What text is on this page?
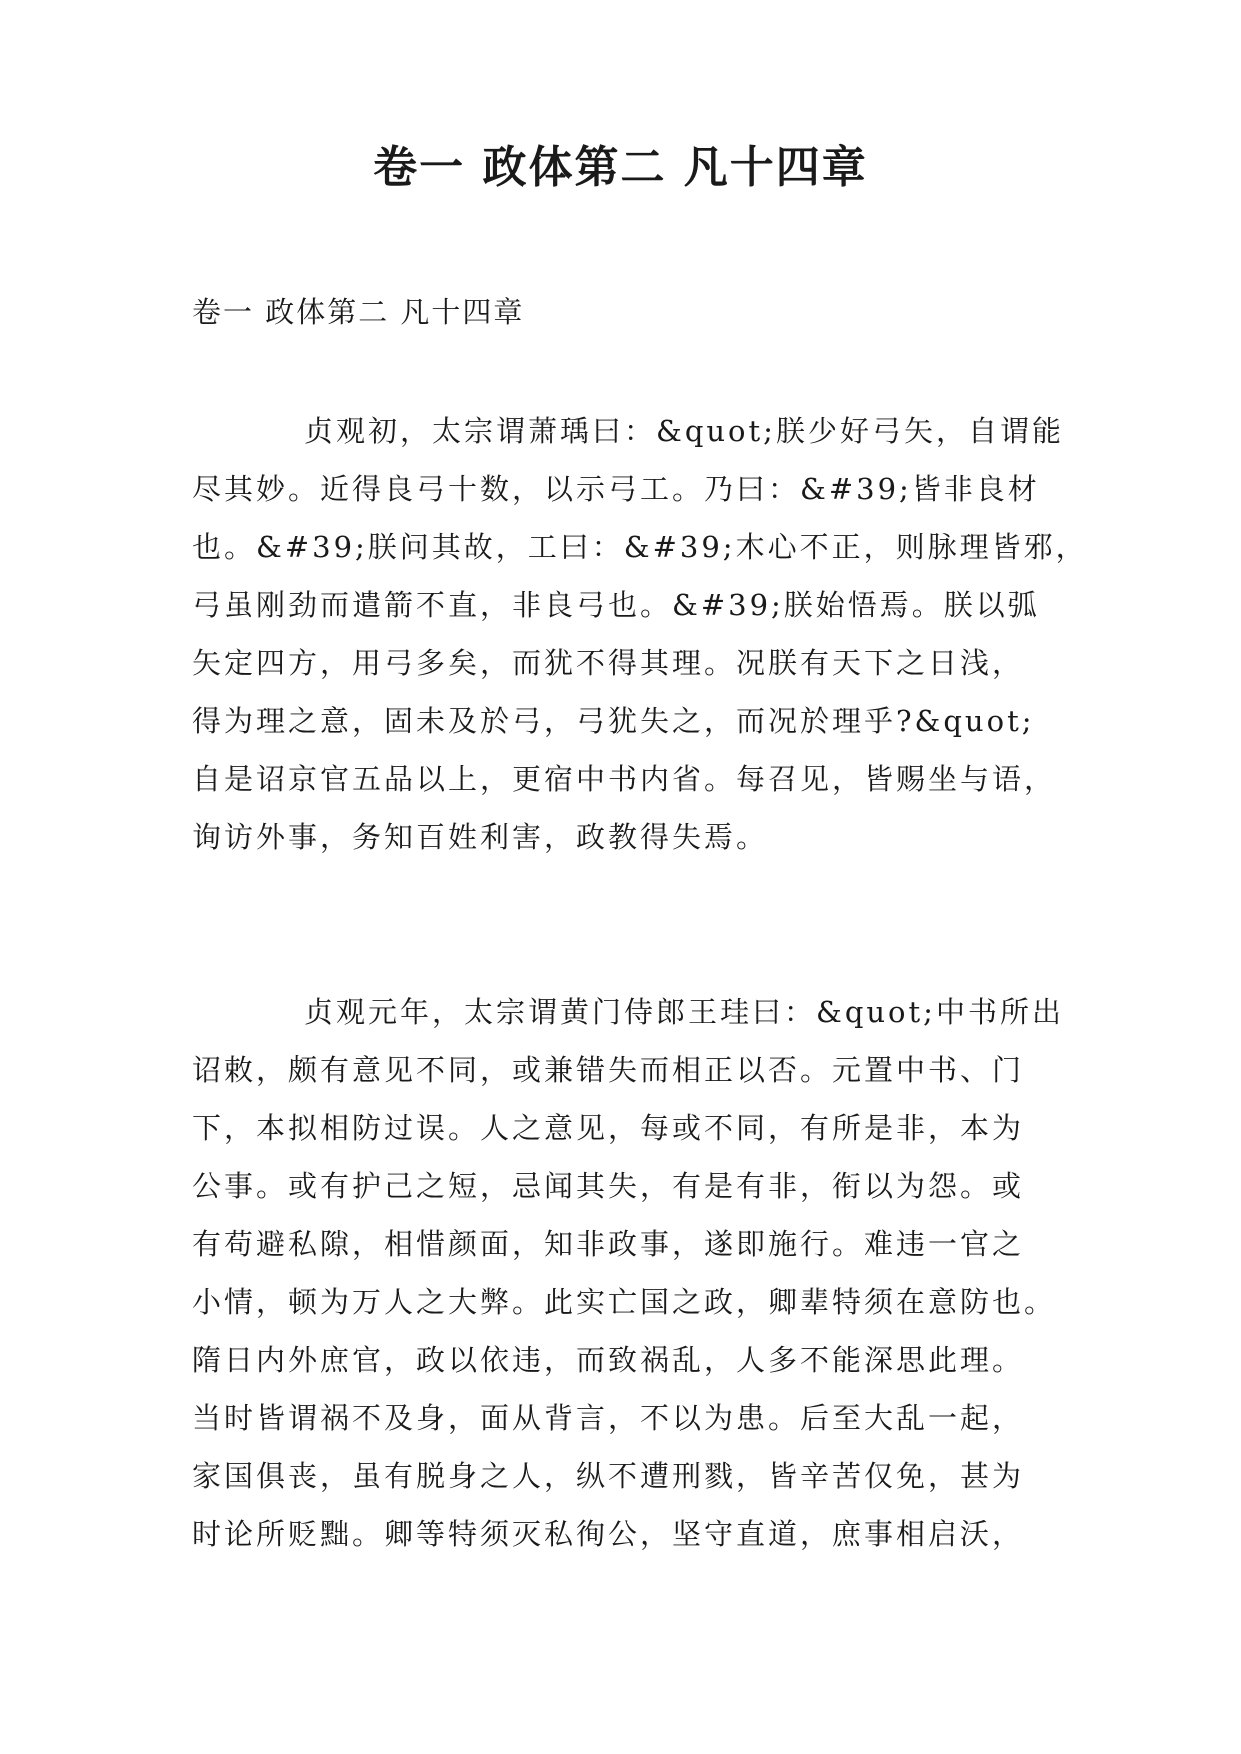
卷一 政体第二 凡十四章

卷一 政体第二 凡十四章

贞观初，太宗谓萧瑀曰：&quot;朕少好弓矢，自谓能
尽其妙。近得良弓十数，以示弓工。乃曰：&#39;皆非良材
也。&#39;朕问其故，工曰：&#39;木心不正，则脉理皆邪，
弓虽刚劲而遣箭不直，非良弓也。&#39;朕始悟焉。朕以弧
矢定四方，用弓多矣，而犹不得其理。况朕有天下之日浅，
得为理之意，固未及於弓，弓犹失之，而况於理乎?&quot;
自是诏京官五品以上，更宿中书内省。每召见，皆赐坐与语，
询访外事，务知百姓利害，政教得失焉。
贞观元年，太宗谓黄门侍郎王珪曰：&quot;中书所出
诏敕，颇有意见不同，或兼错失而相正以否。元置中书、门
下，本拟相防过误。人之意见，每或不同，有所是非，本为
公事。或有护己之短，忌闻其失，有是有非，衔以为怨。或
有苟避私隙，相惜颜面，知非政事，遂即施行。难违一官之
小情，顿为万人之大弊。此实亡国之政，卿辈特须在意防也。
隋日内外庶官，政以依违，而致祸乱，人多不能深思此理。
当时皆谓祸不及身，面从背言，不以为患。后至大乱一起，
家国俱丧，虽有脱身之人，纵不遭刑戮，皆辛苦仅免，甚为
时论所贬黜。卿等特须灭私徇公，坚守直道，庶事相启沃，
